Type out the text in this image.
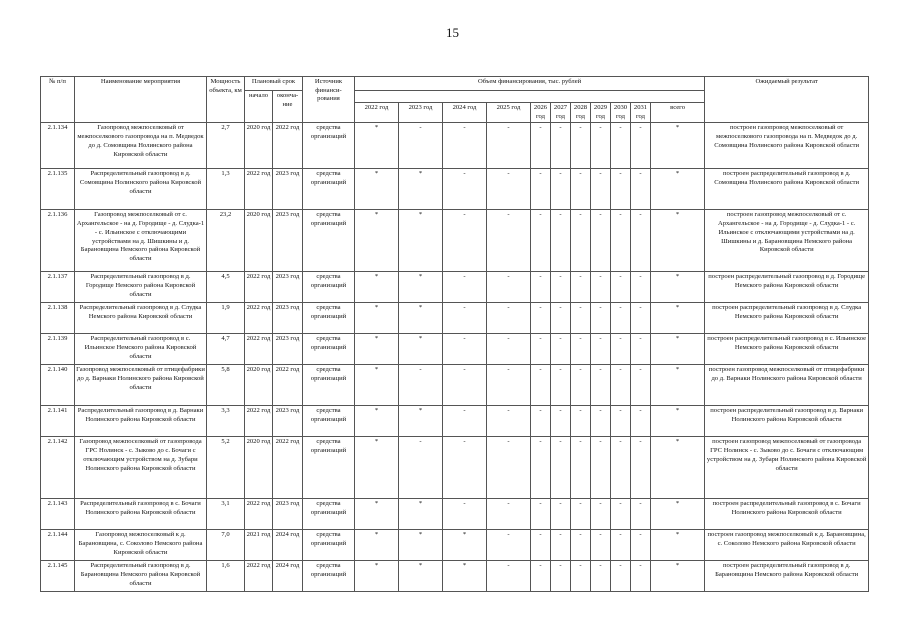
15
№ п/п	Наименование мероприятия	Мощность объекта, км	Плановый срок		Источник финанси-рования	Объем финансирования, тыс. рублей											Ожидаемый результат
			начало	оконча-ние													
						2022 год	2023 год	2024 год	2025 год	2026 год	2027 год	2028 год	2029 год	2030 год	2031 год	всего	
2.1.134	Газопровод межпоселковый от межпоселкового газопровода на п. Медведок до д. Сомовщина Нолинского района Кировской области	2,7	2020 год	2022 год	средства организаций	*	-	-	-	-	-	-	-	-	-	*	построен газопровод межпоселковый от межпоселкового газопровода на п. Медведок до д. Сомовщина Нолинского района Кировской области
2.1.135	Распределительный газопровод в д. Сомовщина Нолинского района Кировской области	1,3	2022 год	2023 год	средства организаций	*	*	-	-	-	-	-	-	-	-	*	построен распределительный газопровод в д. Сомовщина Нолинского района Кировской области
2.1.136	Газопровод межпоселковый от с. Архангельское - на д. Городище - д. Слудка-1 - с. Ильинское с отключающими устройствами на д. Шишкины и д. Барановщина Немского района Кировской области	23,2	2020 год	2023 год	средства организаций	*	*	-	-	-	-	-	-	-	-	*	построен газопровод межпоселковый от с. Архангельское - на д. Городище - д. Слудка-1 - с. Ильинское с отключающими устройствами на д. Шишкины и д. Барановщина Немского района Кировской области
2.1.137	Распределительный газопровод в д. Городище Немского района Кировской области	4,5	2022 год	2023 год	средства организаций	*	*	-	-	-	-	-	-	-	-	*	построен распределительный газопровод в д. Городище Немского района Кировской области
2.1.138	Распределительный газопровод в д. Слудка Немского района Кировской области	1,9	2022 год	2023 год	средства организаций	*	*	-	-	-	-	-	-	-	-	*	построен распределительный газопровод в д. Слудка Немского района Кировской области
2.1.139	Распределительный газопровод в с. Ильинское Немского района Кировской области	4,7	2022 год	2023 год	средства организаций	*	*	-	-	-	-	-	-	-	-	*	построен распределительный газопровод в с. Ильинское Немского района Кировской области
2.1.140	Газопровод межпоселковый от птицефабрики до д. Варнаки Нолинского района Кировской области	5,8	2020 год	2022 год	средства организаций	*	-	-	-	-	-	-	-	-	-	*	построен газопровод межпоселковый от птицефабрики до д. Варнаки Нолинского района Кировской области
2.1.141	Распределительный газопровод в д. Варнаки Нолинского района Кировской области	3,3	2022 год	2023 год	средства организаций	*	*	-	-	-	-	-	-	-	-	*	построен распределительный газопровод в д. Варнаки Нолинского района Кировской области
2.1.142	Газопровод межпоселковый от газопровода ГРС Нолинск - с. Зыково до с. Бочаги с отключающим устройством на д. Зубари Нолинского района Кировской области	5,2	2020 год	2022 год	средства организаций	*	-	-	-	-	-	-	-	-	-	*	построен газопровод межпоселковый от газопровода ГРС Нолинск - с. Зыково до с. Бочаги с отключающим устройством на д. Зубари Нолинского района Кировской области
2.1.143	Распределительный газопровод в с. Бочаги Нолинского района Кировской области	3,1	2022 год	2023 год	средства организаций	*	*	-	-	-	-	-	-	-	-	*	построен распределительный газопровод в с. Бочаги Нолинского района Кировской области
2.1.144	Газопровод межпоселковый к д. Барановщина, с. Соколово Немского района Кировской области	7,0	2021 год	2024 год	средства организаций	*	*	*	-	-	-	-	-	-	-	*	построен газопровод межпоселковый к д. Барановщина, с. Соколово Немского района Кировской области
2.1.145	Распределительный газопровод в д. Барановщина Немского района Кировской области	1,6	2022 год	2024 год	средства организаций	*	*	*	-	-	-	-	-	-	-	*	построен распределительный газопровод в д. Барановщина Немского района Кировской области
